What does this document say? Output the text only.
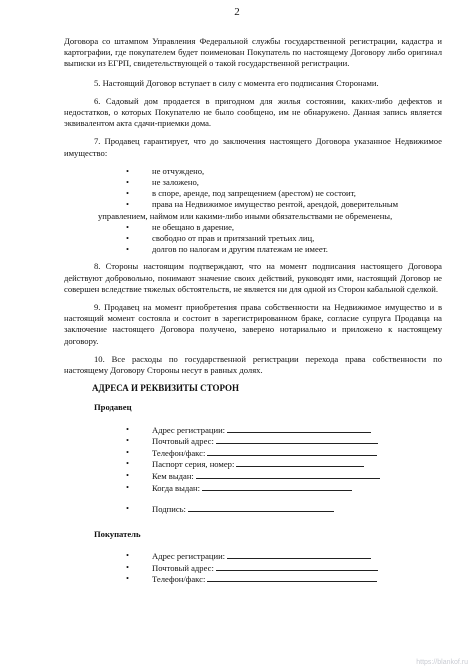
2

Договора со штампом Управления Федеральной службы государственной регистрации, кадастра и картографии, где покупателем будет поименован Покупатель по настоящему Договору либо оригинал выписки из ЕГРП, свидетельствующей о такой государственной регистрации.

5. Настоящий Договор вступает в силу с момента его подписания Сторонами.

6. Садовый дом продается в пригодном для жилья состоянии, каких-либо дефектов и недостатков, о которых Покупателю не было сообщено, им не обнаружено. Данная запись является эквивалентом акта сдачи-приемки дома.

7. Продавец гарантирует, что до заключения настоящего Договора указанное Недвижимое имущество:

•	не отчуждено,
•	не заложено,
•	в споре, аренде, под запрещением (арестом) не состоит,
•	права на Недвижимое имущество рентой, арендой, доверительным
управлением, наймом или какими-либо иными обязательствами не обременены,
•	не обещано в дарение,
•	свободно от прав и притязаний третьих лиц,
•	долгов по налогам и другим платежам не имеет.

8. Стороны настоящим подтверждают, что на момент подписания настоящего Договора действуют добровольно, понимают значение своих действий, руководят ими, настоящий Договор не совершен вследствие тяжелых обстоятельств, не является ни для одной из Сторон кабальной сделкой.

9. Продавец на момент приобретения права собственности на Недвижимое имущество и в настоящий момент состояла и состоит в зарегистрированном браке, согласие супруга Продавца на заключение настоящего Договора получено, заверено нотариально и приложено к настоящему договору.

10. Все расходы по государственной регистрации перехода права собственности по настоящему Договору Стороны несут в равных долях.

АДРЕСА И РЕКВИЗИТЫ СТОРОН
Продавец
•	Адрес регистрации:
•	Почтовый адрес:
•	Телефон/факс:
•	Паспорт серия, номер:
•	Кем выдан:
•	Когда выдан:
•	Подпись:
Покупатель
•	Адрес регистрации:
•	Почтовый адрес:
•	Телефон/факс:
https://blankof.ru
